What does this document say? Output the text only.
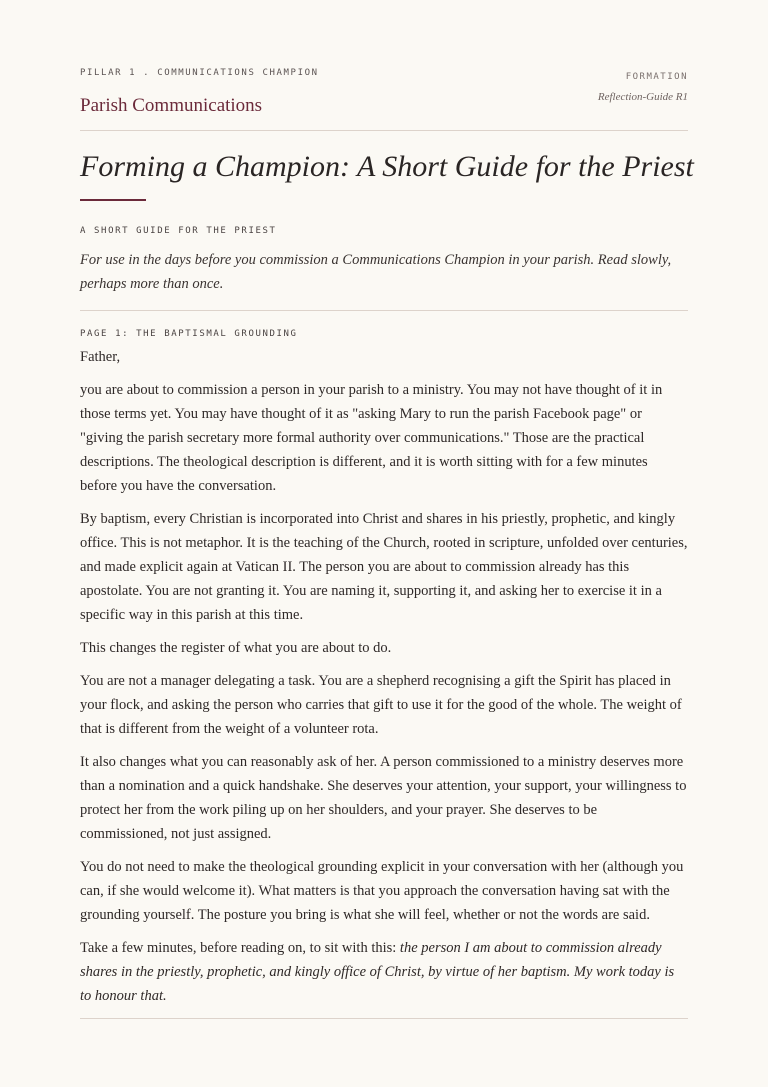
PILLAR 1 . COMMUNICATIONS CHAMPION
Parish Communications
FORMATION
Reflection-Guide R1
Forming a Champion: A Short Guide for the Priest
A SHORT GUIDE FOR THE PRIEST

For use in the days before you commission a Communications Champion in your parish. Read slowly, perhaps more than once.

PAGE 1: THE BAPTISMAL GROUNDING

Father,

you are about to commission a person in your parish to a ministry. You may not have thought of it in those terms yet. You may have thought of it as "asking Mary to run the parish Facebook page" or "giving the parish secretary more formal authority over communications." Those are the practical descriptions. The theological description is different, and it is worth sitting with for a few minutes before you have the conversation.

By baptism, every Christian is incorporated into Christ and shares in his priestly, prophetic, and kingly office. This is not metaphor. It is the teaching of the Church, rooted in scripture, unfolded over centuries, and made explicit again at Vatican II. The person you are about to commission already has this apostolate. You are not granting it. You are naming it, supporting it, and asking her to exercise it in a specific way in this parish at this time.

This changes the register of what you are about to do.

You are not a manager delegating a task. You are a shepherd recognising a gift the Spirit has placed in your flock, and asking the person who carries that gift to use it for the good of the whole. The weight of that is different from the weight of a volunteer rota.

It also changes what you can reasonably ask of her. A person commissioned to a ministry deserves more than a nomination and a quick handshake. She deserves your attention, your support, your willingness to protect her from the work piling up on her shoulders, and your prayer. She deserves to be commissioned, not just assigned.

You do not need to make the theological grounding explicit in your conversation with her (although you can, if she would welcome it). What matters is that you approach the conversation having sat with the grounding yourself. The posture you bring is what she will feel, whether or not the words are said.

Take a few minutes, before reading on, to sit with this: the person I am about to commission already shares in the priestly, prophetic, and kingly office of Christ, by virtue of her baptism. My work today is to honour that.
